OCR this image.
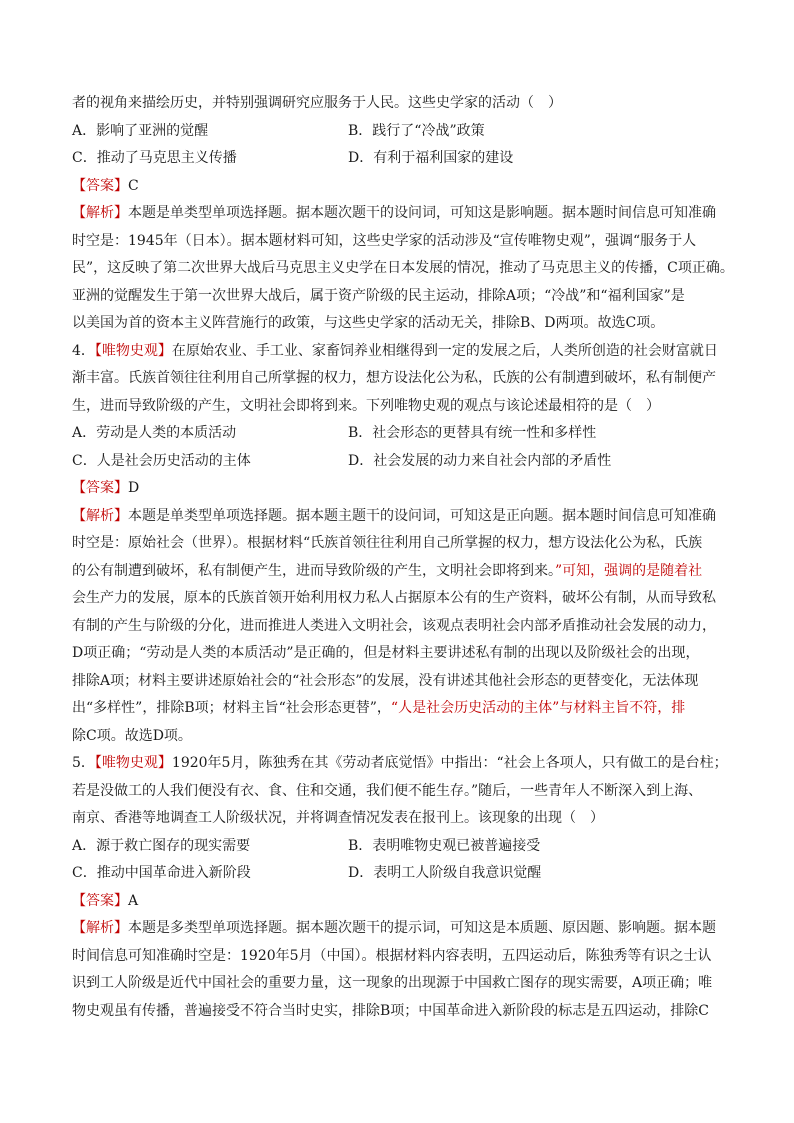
者的视角来描绘历史，并特别强调研究应服务于人民。这些史学家的活动（　）
A．影响了亚洲的觉醒	B．践行了“冷战”政策
C．推动了马克思主义传播	D．有利于福利国家的建设
【答案】C
【解析】本题是单类型单项选择题。据本题次题干的设问词，可知这是影响题。据本题时间信息可知准确
时空是：1945年（日本）。据本题材料可知，这些史学家的活动涉及“宣传唯物史观”，强调“服务于人
民”，这反映了第二次世界大战后马克思主义史学在日本发展的情况，推动了马克思主义的传播，C项正确。
亚洲的觉醒发生于第一次世界大战后，属于资产阶级的民主运动，排除A项；“冷战”和“福利国家”是
以美国为首的资本主义阵营施行的政策，与这些史学家的活动无关，排除B、D两项。故选C项。
4．【唯物史观】在原始农业、手工业、家畜饲养业相继得到一定的发展之后，人类所创造的社会财富就日
渐丰富。氏族首领往往利用自己所掌握的权力，想方设法化公为私，氏族的公有制遭到破坏，私有制便产
生，进而导致阶级的产生，文明社会即将到来。下列唯物史观的观点与该论述最相符的是（　）
A．劳动是人类的本质活动	B．社会形态的更替具有统一性和多样性
C．人是社会历史活动的主体	D．社会发展的动力来自社会内部的矛盾性
【答案】D
【解析】本题是单类型单项选择题。据本题主题干的设问词，可知这是正向题。据本题时间信息可知准确
时空是：原始社会（世界）。根据材料“氏族首领往往利用自己所掌握的权力，想方设法化公为私，氏族
的公有制遭到破坏，私有制便产生，进而导致阶级的产生，文明社会即将到来。”可知，强调的是随着社
会生产力的发展，原本的氏族首领开始利用权力私人占据原本公有的生产资料，破坏公有制，从而导致私
有制的产生与阶级的分化，进而推进人类进入文明社会，该观点表明社会内部矛盾推动社会发展的动力，
D项正确；“劳动是人类的本质活动”是正确的，但是材料主要讲述私有制的出现以及阶级社会的出现，
排除A项；材料主要讲述原始社会的“社会形态”的发展，没有讲述其他社会形态的更替变化，无法体现
出“多样性”，排除B项；材料主旨“社会形态更替”，“人是社会历史活动的主体”与材料主旨不符，排
除C项。故选D项。
5．【唯物史观】1920年5月，陈独秀在其《劳动者底觉悟》中指出：“社会上各项人，只有做工的是台柱；
若是没做工的人我们便没有衣、食、住和交通，我们便不能生存。”随后，一些青年人不断深入到上海、
南京、香港等地调查工人阶级状况，并将调查情况发表在报刊上。该现象的出现（　）
A．源于救亡图存的现实需要	B．表明唯物史观已被普遍接受
C．推动中国革命进入新阶段	D．表明工人阶级自我意识觉醒
【答案】A
【解析】本题是多类型单项选择题。据本题次题干的提示词，可知这是本质题、原因题、影响题。据本题
时间信息可知准确时空是：1920年5月（中国）。根据材料内容表明，五四运动后，陈独秀等有识之士认
识到工人阶级是近代中国社会的重要力量，这一现象的出现源于中国救亡图存的现实需要，A项正确；唯
物史观虽有传播，普遍接受不符合当时史实，排除B项；中国革命进入新阶段的标志是五四运动，排除C
